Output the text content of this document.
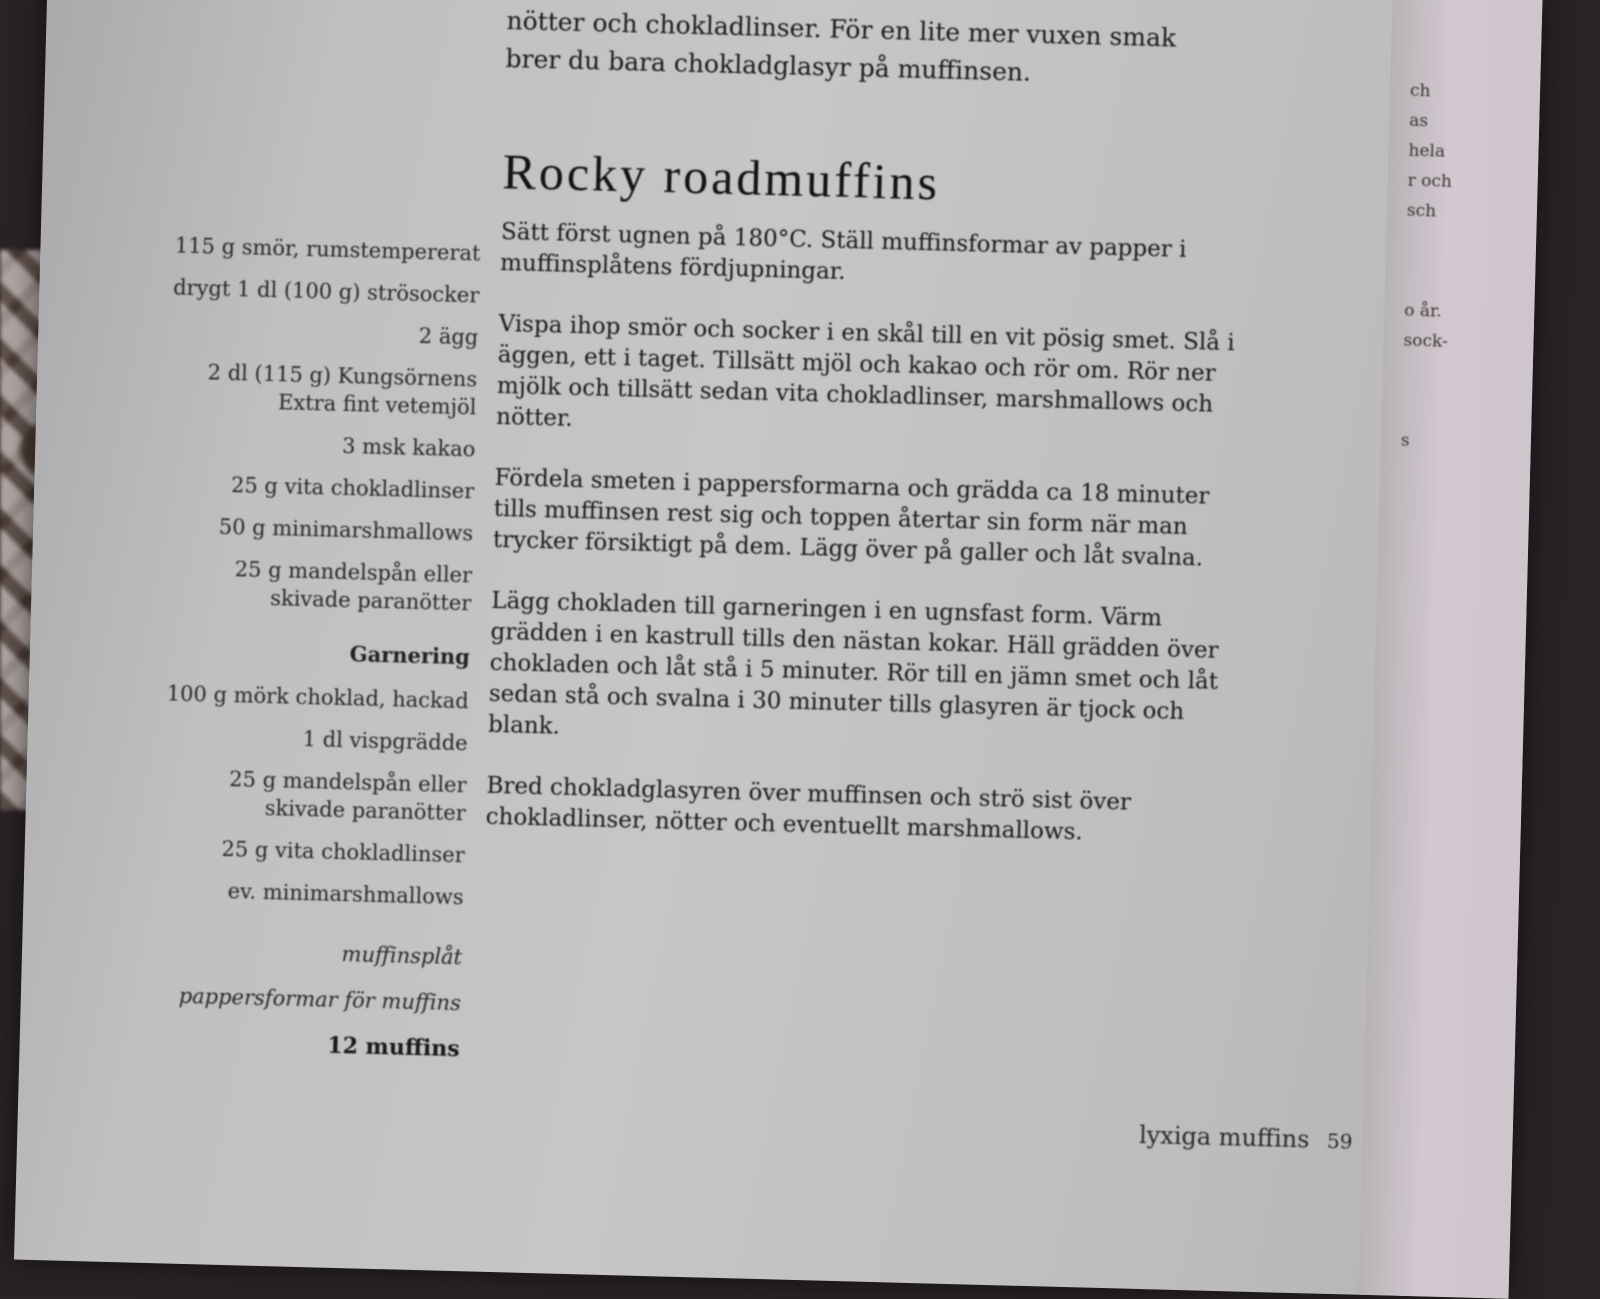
ch
as
hela
r och
sch
o år.
sock-
s
nötter och chokladlinser. För en lite mer vuxen smak brer du bara chokladglasyr på muffinsen.
Rocky roadmuffins
115 g smör, rumstempererat
drygt 1 dl (100 g) strösocker
2 ägg
2 dl (115 g) Kungsörnens Extra fint vetemjöl
3 msk kakao
25 g vita chokladlinser
50 g minimarshmallows
25 g mandelspån eller skivade paranötter
Garnering
100 g mörk choklad, hackad
1 dl vispgrädde
25 g mandelspån eller skivade paranötter
25 g vita chokladlinser
ev. minimarshmallows
muffinsplåt
pappersformar för muffins
12 muffins

Sätt först ugnen på 180°C. Ställ muffinsformar av papper i muffinsplåtens fördjupningar.

Vispa ihop smör och socker i en skål till en vit pösig smet. Slå i äggen, ett i taget. Tillsätt mjöl och kakao och rör om. Rör ner mjölk och tillsätt sedan vita chokladlinser, marshmallows och nötter.

Fördela smeten i pappersformarna och grädda ca 18 minuter tills muffinsen rest sig och toppen återtar sin form när man trycker försiktigt på dem. Lägg över på galler och låt svalna.

Lägg chokladen till garneringen i en ugnsfast form. Värm grädden i en kastrull tills den nästan kokar. Häll grädden över chokladen och låt stå i 5 minuter. Rör till en jämn smet och låt sedan stå och svalna i 30 minuter tills glasyren är tjock och blank.

Bred chokladglasyren över muffinsen och strö sist över chokladlinser, nötter och eventuellt marshmallows.

lyxiga muffins 59
